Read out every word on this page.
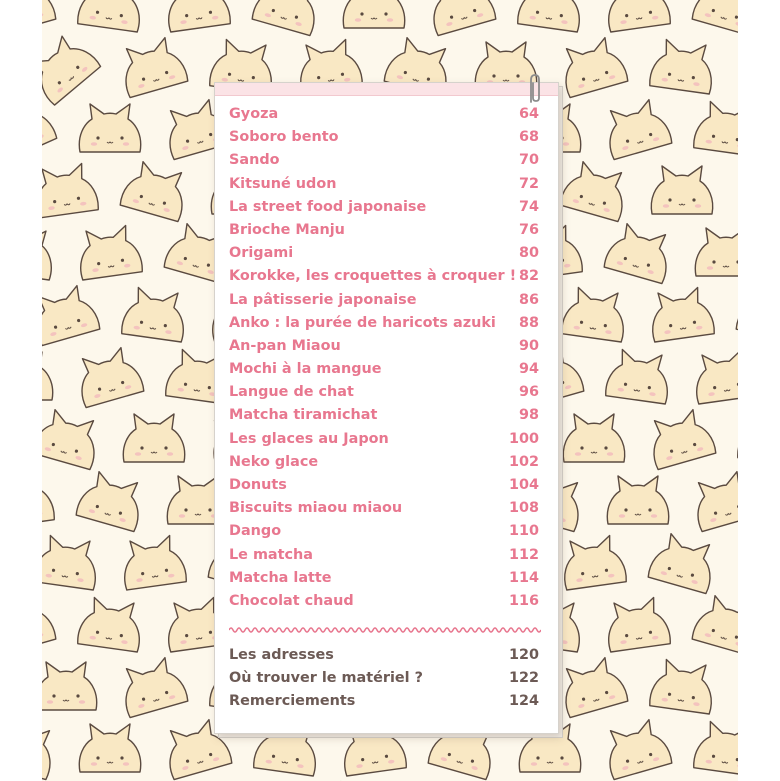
Gyoza	64
Soboro bento	68
Sando	70
Kitsuné udon	72
La street food japonaise	74
Brioche Manju	76
Origami	80
Korokke, les croquettes à croquer ! 82
La pâtisserie japonaise	86
Anko : la purée de haricots azuki 88
An-pan Miaou	90
Mochi à la mangue	94
Langue de chat	96
Matcha tiramichat	98
Les glaces au Japon	100
Neko glace	102
Donuts	104
Biscuits miaou miaou	108
Dango	110
Le matcha	112
Matcha latte	114
Chocolat chaud	116
Les adresses	120
Où trouver le matériel ?	122
Remerciements	124
